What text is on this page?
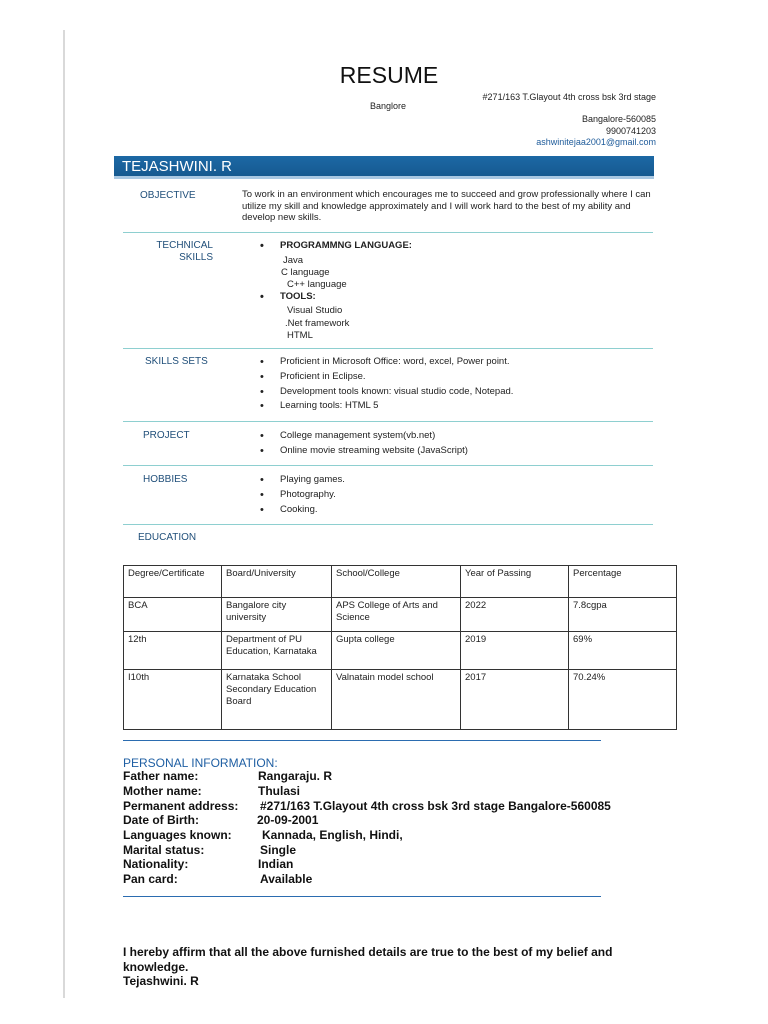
RESUME
Banglore
#271/163 T.Glayout 4th cross bsk 3rd stage
Bangalore-560085
9900741203
ashwinitejaa2001@gmail.com
TEJASHWINI. R
OBJECTIVE	To work in an environment which encourages me to succeed and grow professionally where I can utilize my skill and knowledge approximately and I will work hard to the best of my ability and develop new skills.
TECHNICAL
SKILLS
• PROGRAMMNG LANGUAGE:
Java
C language
C++ language
• TOOLS:
Visual Studio
.Net framework
HTML
SKILLS SETS	• Proficient in Microsoft Office: word, excel, Power point.
• Proficient in Eclipse.
• Development tools known: visual studio code, Notepad.
• Learning tools: HTML 5
PROJECT	• College management system(vb.net)
• Online movie streaming website (JavaScript)
HOBBIES	• Playing games.
• Photography.
• Cooking.
EDUCATION
Degree/Certificate	Board/University	School/College	Year of Passing	Percentage
BCA	Bangalore city university	APS College of Arts and Science	2022	7.8cgpa
12th	Department of PU Education, Karnataka	Gupta college	2019	69%
I10th	Karnataka School Secondary Education Board	Valnatain model school	2017	70.24%
PERSONAL INFORMATION:
Father name:	Rangaraju. R
Mother name:	Thulasi
Permanent address: #271/163 T.Glayout 4th cross bsk 3rd stage Bangalore-560085
Date of Birth:	20-09-2001
Languages known:	Kannada, English, Hindi,
Marital status:	Single
Nationality:	Indian
Pan card:	Available
I hereby affirm that all the above furnished details are true to the best of my belief and knowledge.
Tejashwini. R
